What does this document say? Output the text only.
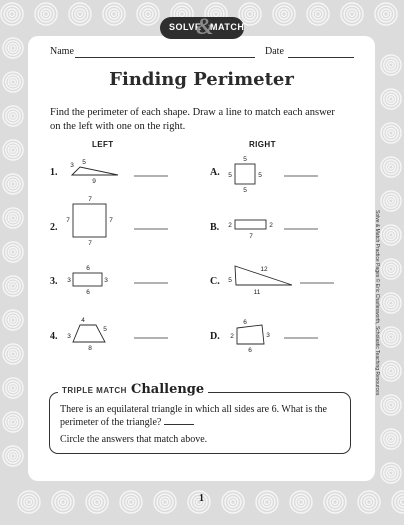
SOLVE
&
MATCH
Name	Date
Finding Perimeter
Find the perimeter of each shape. Draw a line to match each answer on the left with one on the right.
LEFT	RIGHT
1.
2.
3.
4.
A.
B.
C.
D.
3 5
9
7
7	7
7
6
3	3
6
4
5
3
8
5
5	5
5
2	2
7
12
5
11
6
2	3
6
TRIPLE MATCH Challenge
There is an equilateral triangle in which all sides are 6. What is the perimeter of the triangle?
Circle the answers that match above.
1
Solve & Match Practice Pages © Eric Charlesworth, Scholastic Teaching Resources
